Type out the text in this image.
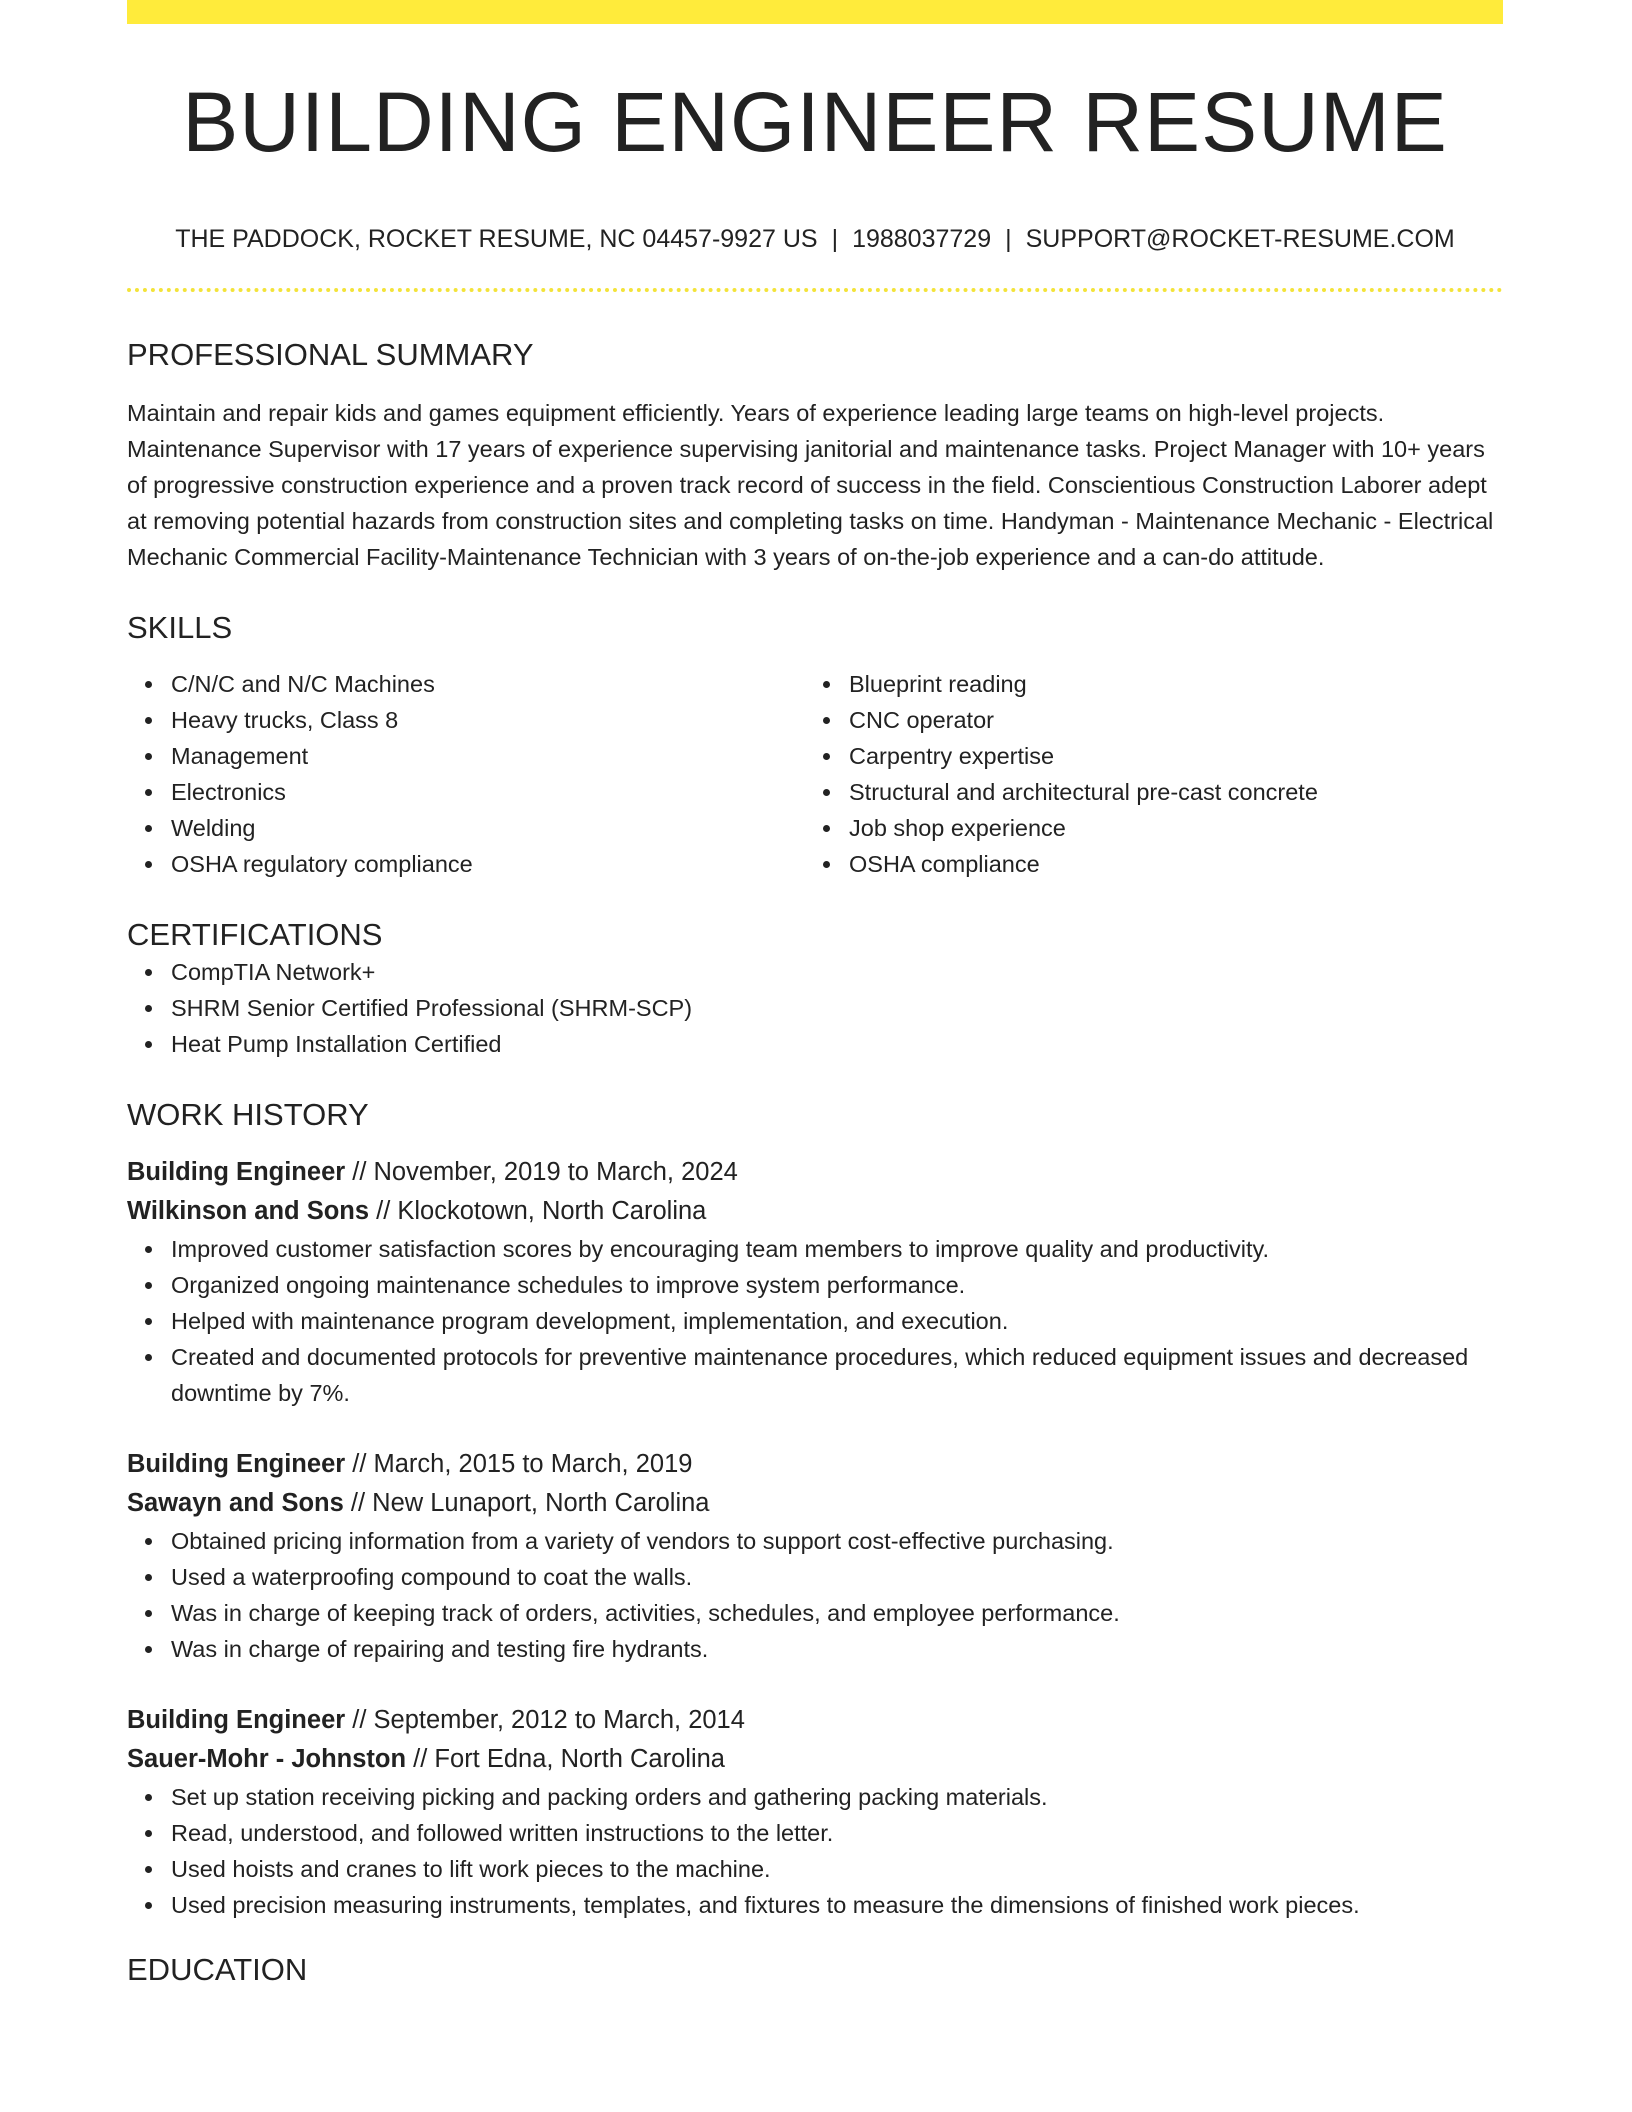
BUILDING ENGINEER RESUME
THE PADDOCK, ROCKET RESUME, NC 04457-9927 US | 1988037729 | SUPPORT@ROCKET-RESUME.COM
PROFESSIONAL SUMMARY

Maintain and repair kids and games equipment efficiently. Years of experience leading large teams on high-level projects. Maintenance Supervisor with 17 years of experience supervising janitorial and maintenance tasks. Project Manager with 10+ years of progressive construction experience and a proven track record of success in the field. Conscientious Construction Laborer adept at removing potential hazards from construction sites and completing tasks on time. Handyman - Maintenance Mechanic - Electrical Mechanic Commercial Facility-Maintenance Technician with 3 years of on-the-job experience and a can-do attitude.

SKILLS
C/N/C and N/C Machines
Heavy trucks, Class 8
Management
Electronics
Welding
OSHA regulatory compliance
Blueprint reading
CNC operator
Carpentry expertise
Structural and architectural pre-cast concrete
Job shop experience
OSHA compliance
CERTIFICATIONS
CompTIA Network+
SHRM Senior Certified Professional (SHRM-SCP)
Heat Pump Installation Certified
WORK HISTORY
Building Engineer // November, 2019 to March, 2024
Wilkinson and Sons // Klockotown, North Carolina
Improved customer satisfaction scores by encouraging team members to improve quality and productivity.
Organized ongoing maintenance schedules to improve system performance.
Helped with maintenance program development, implementation, and execution.
Created and documented protocols for preventive maintenance procedures, which reduced equipment issues and decreased downtime by 7%.
Building Engineer // March, 2015 to March, 2019
Sawayn and Sons // New Lunaport, North Carolina
Obtained pricing information from a variety of vendors to support cost-effective purchasing.
Used a waterproofing compound to coat the walls.
Was in charge of keeping track of orders, activities, schedules, and employee performance.
Was in charge of repairing and testing fire hydrants.
Building Engineer // September, 2012 to March, 2014
Sauer-Mohr - Johnston // Fort Edna, North Carolina
Set up station receiving picking and packing orders and gathering packing materials.
Read, understood, and followed written instructions to the letter.
Used hoists and cranes to lift work pieces to the machine.
Used precision measuring instruments, templates, and fixtures to measure the dimensions of finished work pieces.
EDUCATION
